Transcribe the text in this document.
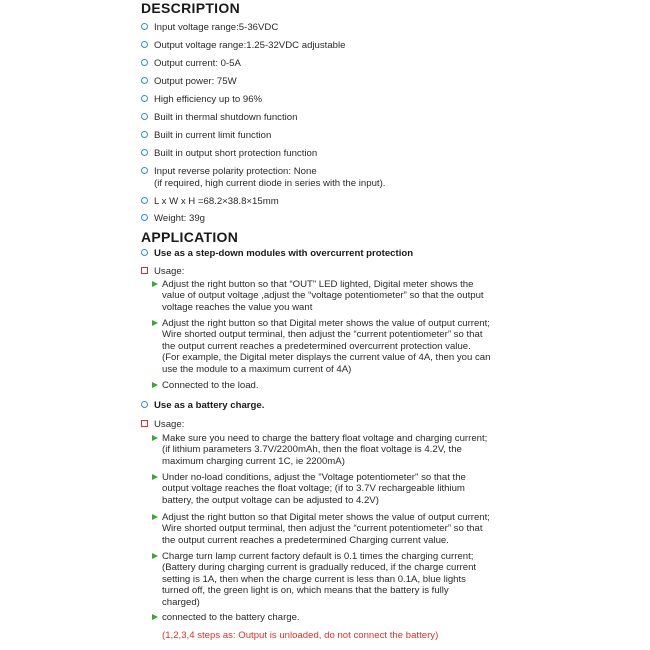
DESCRIPTION
Input voltage range:5-36VDC
Output voltage range:1.25-32VDC adjustable
Output current: 0-5A
Output power: 75W
High efficiency up to 96%
Built in thermal shutdown function
Built in current limit function
Built in output short protection function
Input reverse polarity protection: None
(if required, high current diode in series with the input).
L x W x H =68.2×38.8×15mm
Weight: 39g
APPLICATION
Use as a step-down modules with overcurrent protection
Usage:
Adjust the right button so that “OUT” LED lighted, Digital meter shows the
value of output voltage ,adjust the “voltage potentiometer” so that the output
voltage reaches the value you want
Adjust the right button so that Digital meter shows the value of output current;
Wire shorted output terminal, then adjust the “current potentiometer” so that
the output current reaches a predetermined overcurrent protection value.
(For example, the Digital meter displays the current value of 4A, then you can
use the module to a maximum current of 4A)
Connected to the load.
Use as a battery charge.
Usage:
Make sure you need to charge the battery float voltage and charging current;
(if lithium parameters 3.7V/2200mAh, then the float voltage is 4.2V, the
maximum charging current 1C, ie 2200mA)
Under no-load conditions, adjust the "Voltage potentiometer" so that the
output voltage reaches the float voltage; (if to 3.7V rechargeable lithium
battery, the output voltage can be adjusted to 4.2V)
Adjust the right button so that Digital meter shows the value of output current;
Wire shorted output terminal, then adjust the “current potentiometer” so that
the output current reaches a predetermined Charging current value.
Charge turn lamp current factory default is 0.1 times the charging current;
(Battery during charging current is gradually reduced, if the charge current
setting is 1A, then when the charge current is less than 0.1A, blue lights
turned off, the green light is on, which means that the battery is fully
charged)
connected to the battery charge.
(1,2,3,4 steps as: Output is unloaded, do not connect the battery)
